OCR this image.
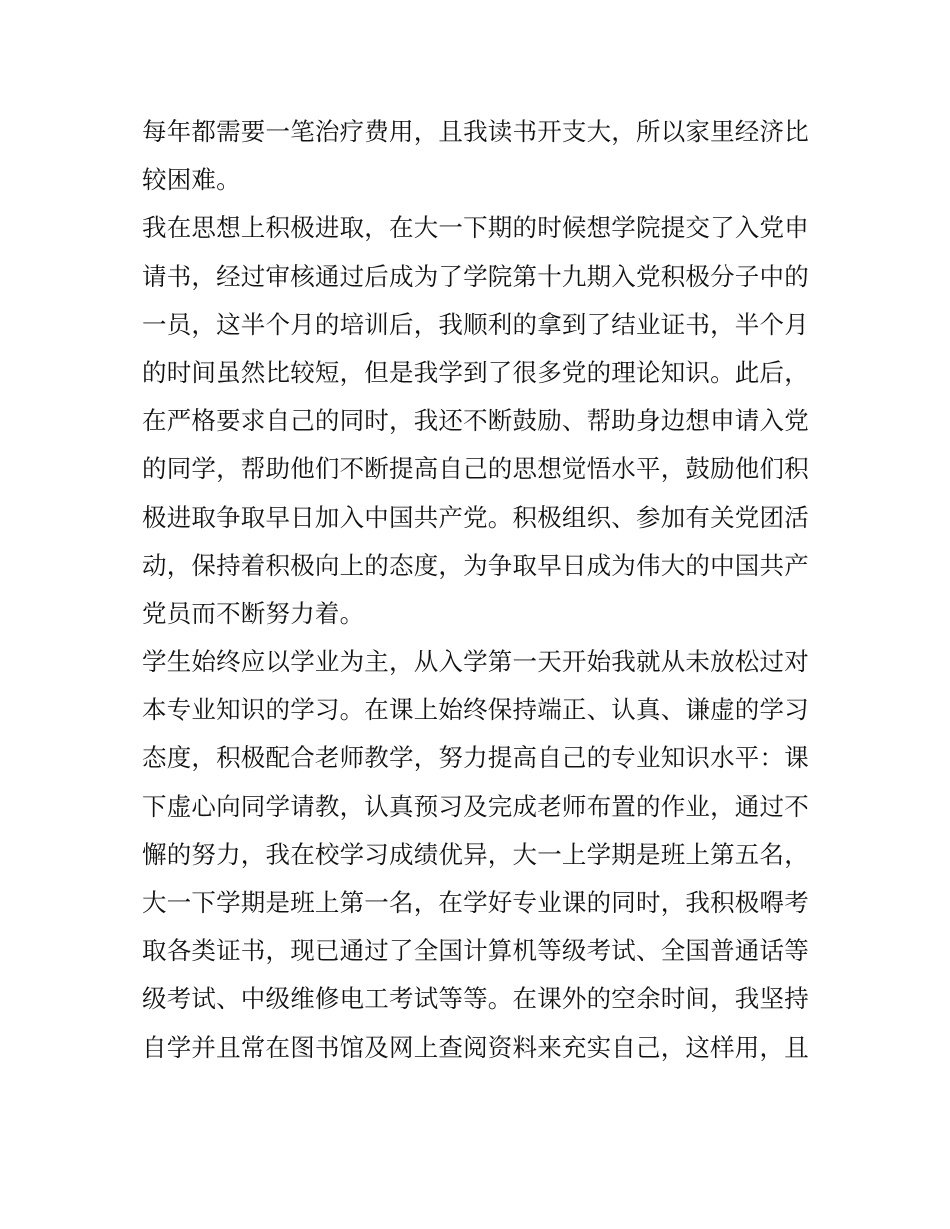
每年都需要一笔治疗费用，且我读书开支大，所以家里经济比
较困难。
我在思想上积极进取，在大一下期的时候想学院提交了入党申
请书，经过审核通过后成为了学院第十九期入党积极分子中的
一员，这半个月的培训后，我顺利的拿到了结业证书，半个月
的时间虽然比较短，但是我学到了很多党的理论知识。此后，
在严格要求自己的同时，我还不断鼓励、帮助身边想申请入党
的同学，帮助他们不断提高自己的思想觉悟水平，鼓励他们积
极进取争取早日加入中国共产党。积极组织、参加有关党团活
动，保持着积极向上的态度，为争取早日成为伟大的中国共产
党员而不断努力着。
学生始终应以学业为主，从入学第一天开始我就从未放松过对
本专业知识的学习。在课上始终保持端正、认真、谦虚的学习
态度，积极配合老师教学，努力提高自己的专业知识水平：课
下虚心向同学请教，认真预习及完成老师布置的作业，通过不
懈的努力，我在校学习成绩优异，大一上学期是班上第五名，
大一下学期是班上第一名，在学好专业课的同时，我积极嘚考
取各类证书，现已通过了全国计算机等级考试、全国普通话等
级考试、中级维修电工考试等等。在课外的空余时间，我坚持
自学并且常在图书馆及网上查阅资料来充实自己，这样用，且
